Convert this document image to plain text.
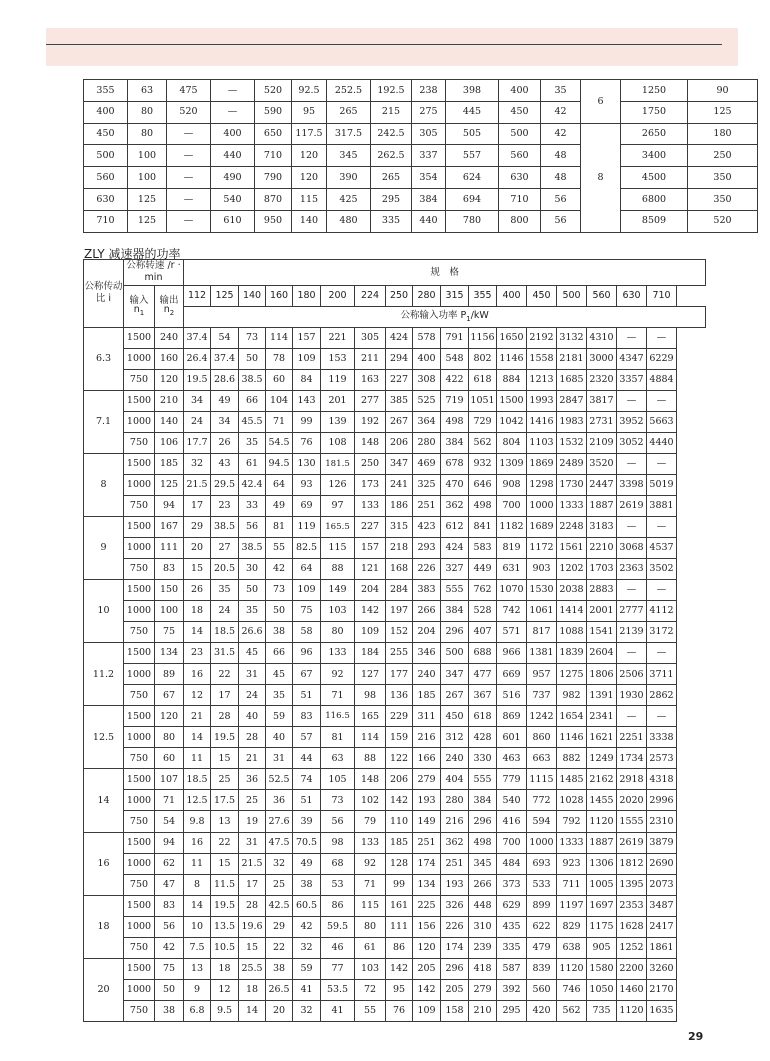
355	63	475	—	520	92.5	252.5	192.5	238	398	400	35	6	1250	90
400	80	520	—	590	95	265	215	275	445	450	42		1750	125
450	80	—	400	650	117.5	317.5	242.5	305	505	500	42	8	2650	180
500	100	—	440	710	120	345	262.5	337	557	560	48		3400	250
560	100	—	490	790	120	390	265	354	624	630	48		4500	350
630	125	—	540	870	115	425	295	384	694	710	56		6800	350
710	125	—	610	950	140	480	335	440	780	800	56		8509	520
ZLY 减速器的功率
公称传动比 i	公称转速 /r · min		规　格																
	输入 $n_1$	输出 $n_2$	112	125	140	160	180	200	224	250	280	315	355	400	450	500	560	630	710
			公称输入功率 $P_1/kW$																
6.3	1500	240	37.4	54	73	114	157	221	305	424	578	791	1156	1650	2192	3132	4310	—	—
	1000	160	26.4	37.4	50	78	109	153	211	294	400	548	802	1146	1558	2181	3000	4347	6229
	750	120	19.5	28.6	38.5	60	84	119	163	227	308	422	618	884	1213	1685	2320	3357	4884
7.1	1500	210	34	49	66	104	143	201	277	385	525	719	1051	1500	1993	2847	3817	—	—
	1000	140	24	34	45.5	71	99	139	192	267	364	498	729	1042	1416	1983	2731	3952	5663
	750	106	17.7	26	35	54.5	76	108	148	206	280	384	562	804	1103	1532	2109	3052	4440
8	1500	185	32	43	61	94.5	130	181.5	250	347	469	678	932	1309	1869	2489	3520	—	—
	1000	125	21.5	29.5	42.4	64	93	126	173	241	325	470	646	908	1298	1730	2447	3398	5019
	750	94	17	23	33	49	69	97	133	186	251	362	498	700	1000	1333	1887	2619	3881
9	1500	167	29	38.5	56	81	119	165.5	227	315	423	612	841	1182	1689	2248	3183	—	—
	1000	111	20	27	38.5	55	82.5	115	157	218	293	424	583	819	1172	1561	2210	3068	4537
	750	83	15	20.5	30	42	64	88	121	168	226	327	449	631	903	1202	1703	2363	3502
10	1500	150	26	35	50	73	109	149	204	284	383	555	762	1070	1530	2038	2883	—	—
	1000	100	18	24	35	50	75	103	142	197	266	384	528	742	1061	1414	2001	2777	4112
	750	75	14	18.5	26.6	38	58	80	109	152	204	296	407	571	817	1088	1541	2139	3172
11.2	1500	134	23	31.5	45	66	96	133	184	255	346	500	688	966	1381	1839	2604	—	—
	1000	89	16	22	31	45	67	92	127	177	240	347	477	669	957	1275	1806	2506	3711
	750	67	12	17	24	35	51	71	98	136	185	267	367	516	737	982	1391	1930	2862
12.5	1500	120	21	28	40	59	83	116.5	165	229	311	450	618	869	1242	1654	2341	—	—
	1000	80	14	19.5	28	40	57	81	114	159	216	312	428	601	860	1146	1621	2251	3338
	750	60	11	15	21	31	44	63	88	122	166	240	330	463	663	882	1249	1734	2573
14	1500	107	18.5	25	36	52.5	74	105	148	206	279	404	555	779	1115	1485	2162	2918	4318
	1000	71	12.5	17.5	25	36	51	73	102	142	193	280	384	540	772	1028	1455	2020	2996
	750	54	9.8	13	19	27.6	39	56	79	110	149	216	296	416	594	792	1120	1555	2310
16	1500	94	16	22	31	47.5	70.5	98	133	185	251	362	498	700	1000	1333	1887	2619	3879
	1000	62	11	15	21.5	32	49	68	92	128	174	251	345	484	693	923	1306	1812	2690
	750	47	8	11.5	17	25	38	53	71	99	134	193	266	373	533	711	1005	1395	2073
18	1500	83	14	19.5	28	42.5	60.5	86	115	161	225	326	448	629	899	1197	1697	2353	3487
	1000	56	10	13.5	19.6	29	42	59.5	80	111	156	226	310	435	622	829	1175	1628	2417
	750	42	7.5	10.5	15	22	32	46	61	86	120	174	239	335	479	638	905	1252	1861
20	1500	75	13	18	25.5	38	59	77	103	142	205	296	418	587	839	1120	1580	2200	3260
	1000	50	9	12	18	26.5	41	53.5	72	95	142	205	279	392	560	746	1050	1460	2170
	750	38	6.8	9.5	14	20	32	41	55	76	109	158	210	295	420	562	735	1120	1635
29
